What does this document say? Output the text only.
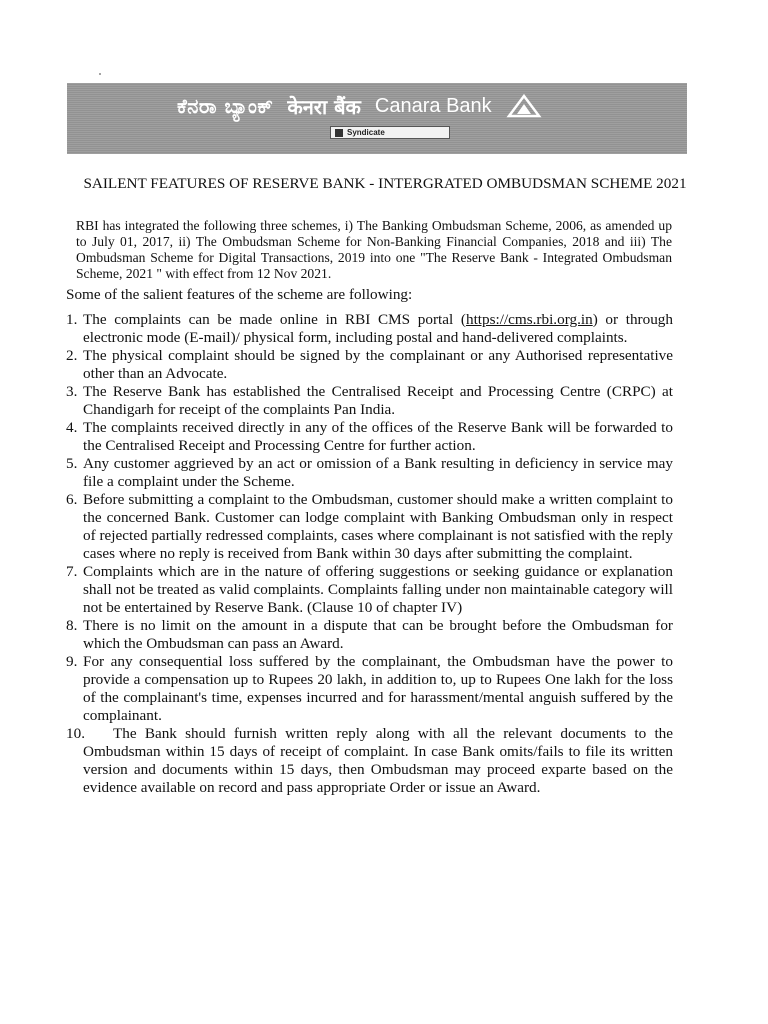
ಕೆನರಾ ಬ್ಯಾಂಕ್ केनरा बैंक Canara Bank
Syndicate
SAILENT FEATURES OF RESERVE BANK - INTERGRATED OMBUDSMAN SCHEME 2021

RBI has integrated the following three schemes, i) The Banking Ombudsman Scheme, 2006, as amended up to July 01, 2017, ii) The Ombudsman Scheme for Non-Banking Financial Companies, 2018 and iii) The Ombudsman Scheme for Digital Transactions, 2019 into one "The Reserve Bank - Integrated Ombudsman Scheme, 2021 " with effect from 12 Nov 2021.

Some of the salient features of the scheme are following:

1. The complaints can be made online in RBI CMS portal (https://cms.rbi.org.in) or through electronic mode (E-mail)/ physical form, including postal and hand-delivered complaints.
2. The physical complaint should be signed by the complainant or any Authorised representative other than an Advocate.
3. The Reserve Bank has established the Centralised Receipt and Processing Centre (CRPC) at Chandigarh for receipt of the complaints Pan India.
4. The complaints received directly in any of the offices of the Reserve Bank will be forwarded to the Centralised Receipt and Processing Centre for further action.
5. Any customer aggrieved by an act or omission of a Bank resulting in deficiency in service may file a complaint under the Scheme.
6. Before submitting a complaint to the Ombudsman, customer should make a written complaint to the concerned Bank. Customer can lodge complaint with Banking Ombudsman only in respect of rejected partially redressed complaints, cases where complainant is not satisfied with the reply cases where no reply is received from Bank within 30 days after submitting the complaint.
7. Complaints which are in the nature of offering suggestions or seeking guidance or explanation shall not be treated as valid complaints. Complaints falling under non maintainable category will not be entertained by Reserve Bank. (Clause 10 of chapter IV)
8. There is no limit on the amount in a dispute that can be brought before the Ombudsman for which the Ombudsman can pass an Award.
9. For any consequential loss suffered by the complainant, the Ombudsman have the power to provide a compensation up to Rupees 20 lakh, in addition to, up to Rupees One lakh for the loss of the complainant's time, expenses incurred and for harassment/mental anguish suffered by the complainant.
10.	The Bank should furnish written reply along with all the relevant documents to the Ombudsman within 15 days of receipt of complaint. In case Bank omits/fails to file its written version and documents within 15 days, then Ombudsman may proceed exparte based on the evidence available on record and pass appropriate Order or issue an Award.
